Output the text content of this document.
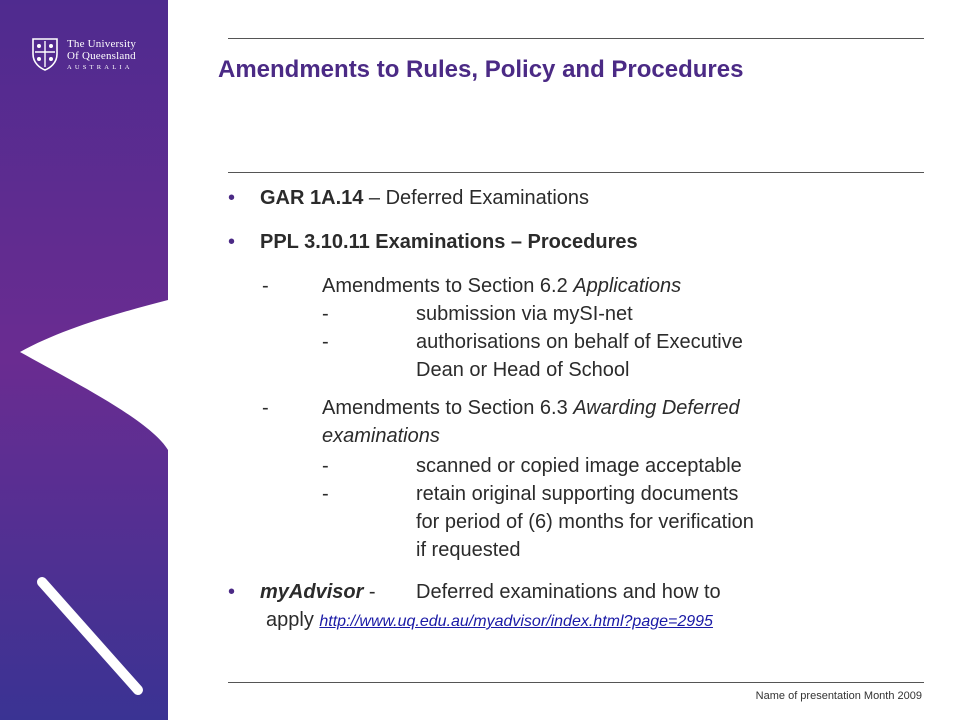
The University
Of Queensland
AUSTRALIA	Amendments to Rules, Policy and Procedures
• GAR 1A.14 – Deferred Examinations
• PPL 3.10.11 Examinations – Procedures
-	Amendments to Section 6.2 Applications
-	submission via mySI-net
-	authorisations on behalf of Executive
Dean or Head of School
-	Amendments to Section 6.3 Awarding Deferred
examinations
-	scanned or copied image acceptable
-	retain original supporting documents
for period of (6) months for verification
if requested
• myAdvisor - Deferred examinations and how to
apply http://www.uq.edu.au/myadvisor/index.html?page=2995
Name of presentation Month 2009
